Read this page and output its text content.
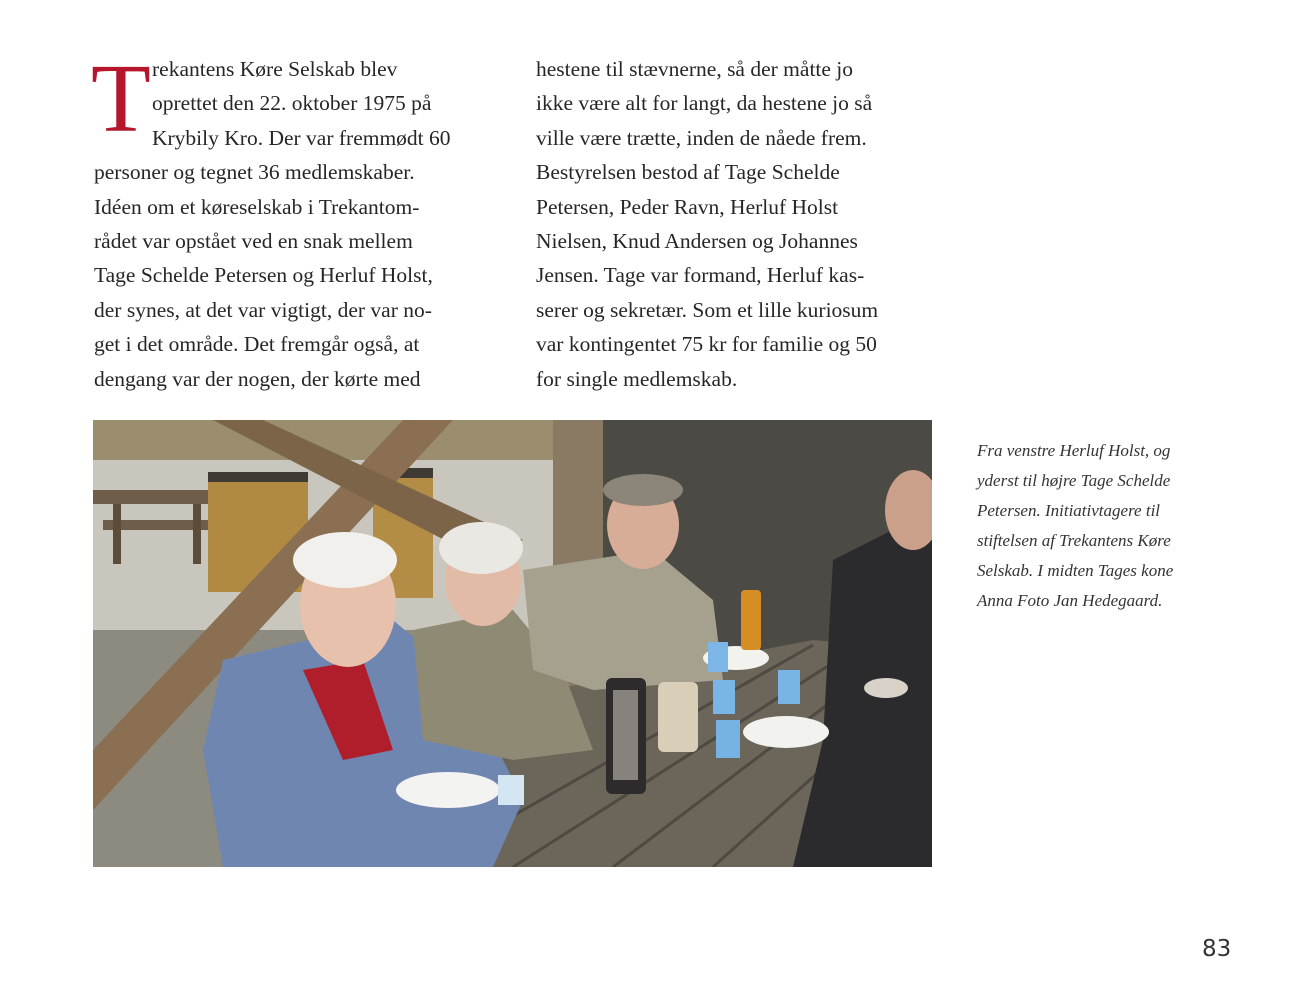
T rekantens Køre Selskab blev
oprettet den 22. oktober 1975 på
Krybily Kro. Der var fremmødt 60
personer og tegnet 36 medlemskaber.
Idéen om et køreselskab i Trekantom-
rådet var opstået ved en snak mellem
Tage Schelde Petersen og Herluf Holst,
der synes, at det var vigtigt, der var no-
get i det område. Det fremgår også, at
dengang var der nogen, der kørte med
hestene til stævnerne, så der måtte jo
ikke være alt for langt, da hestene jo så
ville være trætte, inden de nåede frem.
Bestyrelsen bestod af Tage Schelde
Petersen, Peder Ravn, Herluf Holst
Nielsen, Knud Andersen og Johannes
Jensen. Tage var formand, Herluf kas-
serer og sekretær. Som et lille kuriosum
var kontingentet 75 kr for familie og 50
for single medlemskab.
Fra venstre Herluf Holst, og
yderst til højre Tage Schelde
Petersen. Initiativtagere til
stiftelsen af Trekantens Køre
Selskab. I midten Tages kone
Anna Foto Jan Hedegaard.
83
